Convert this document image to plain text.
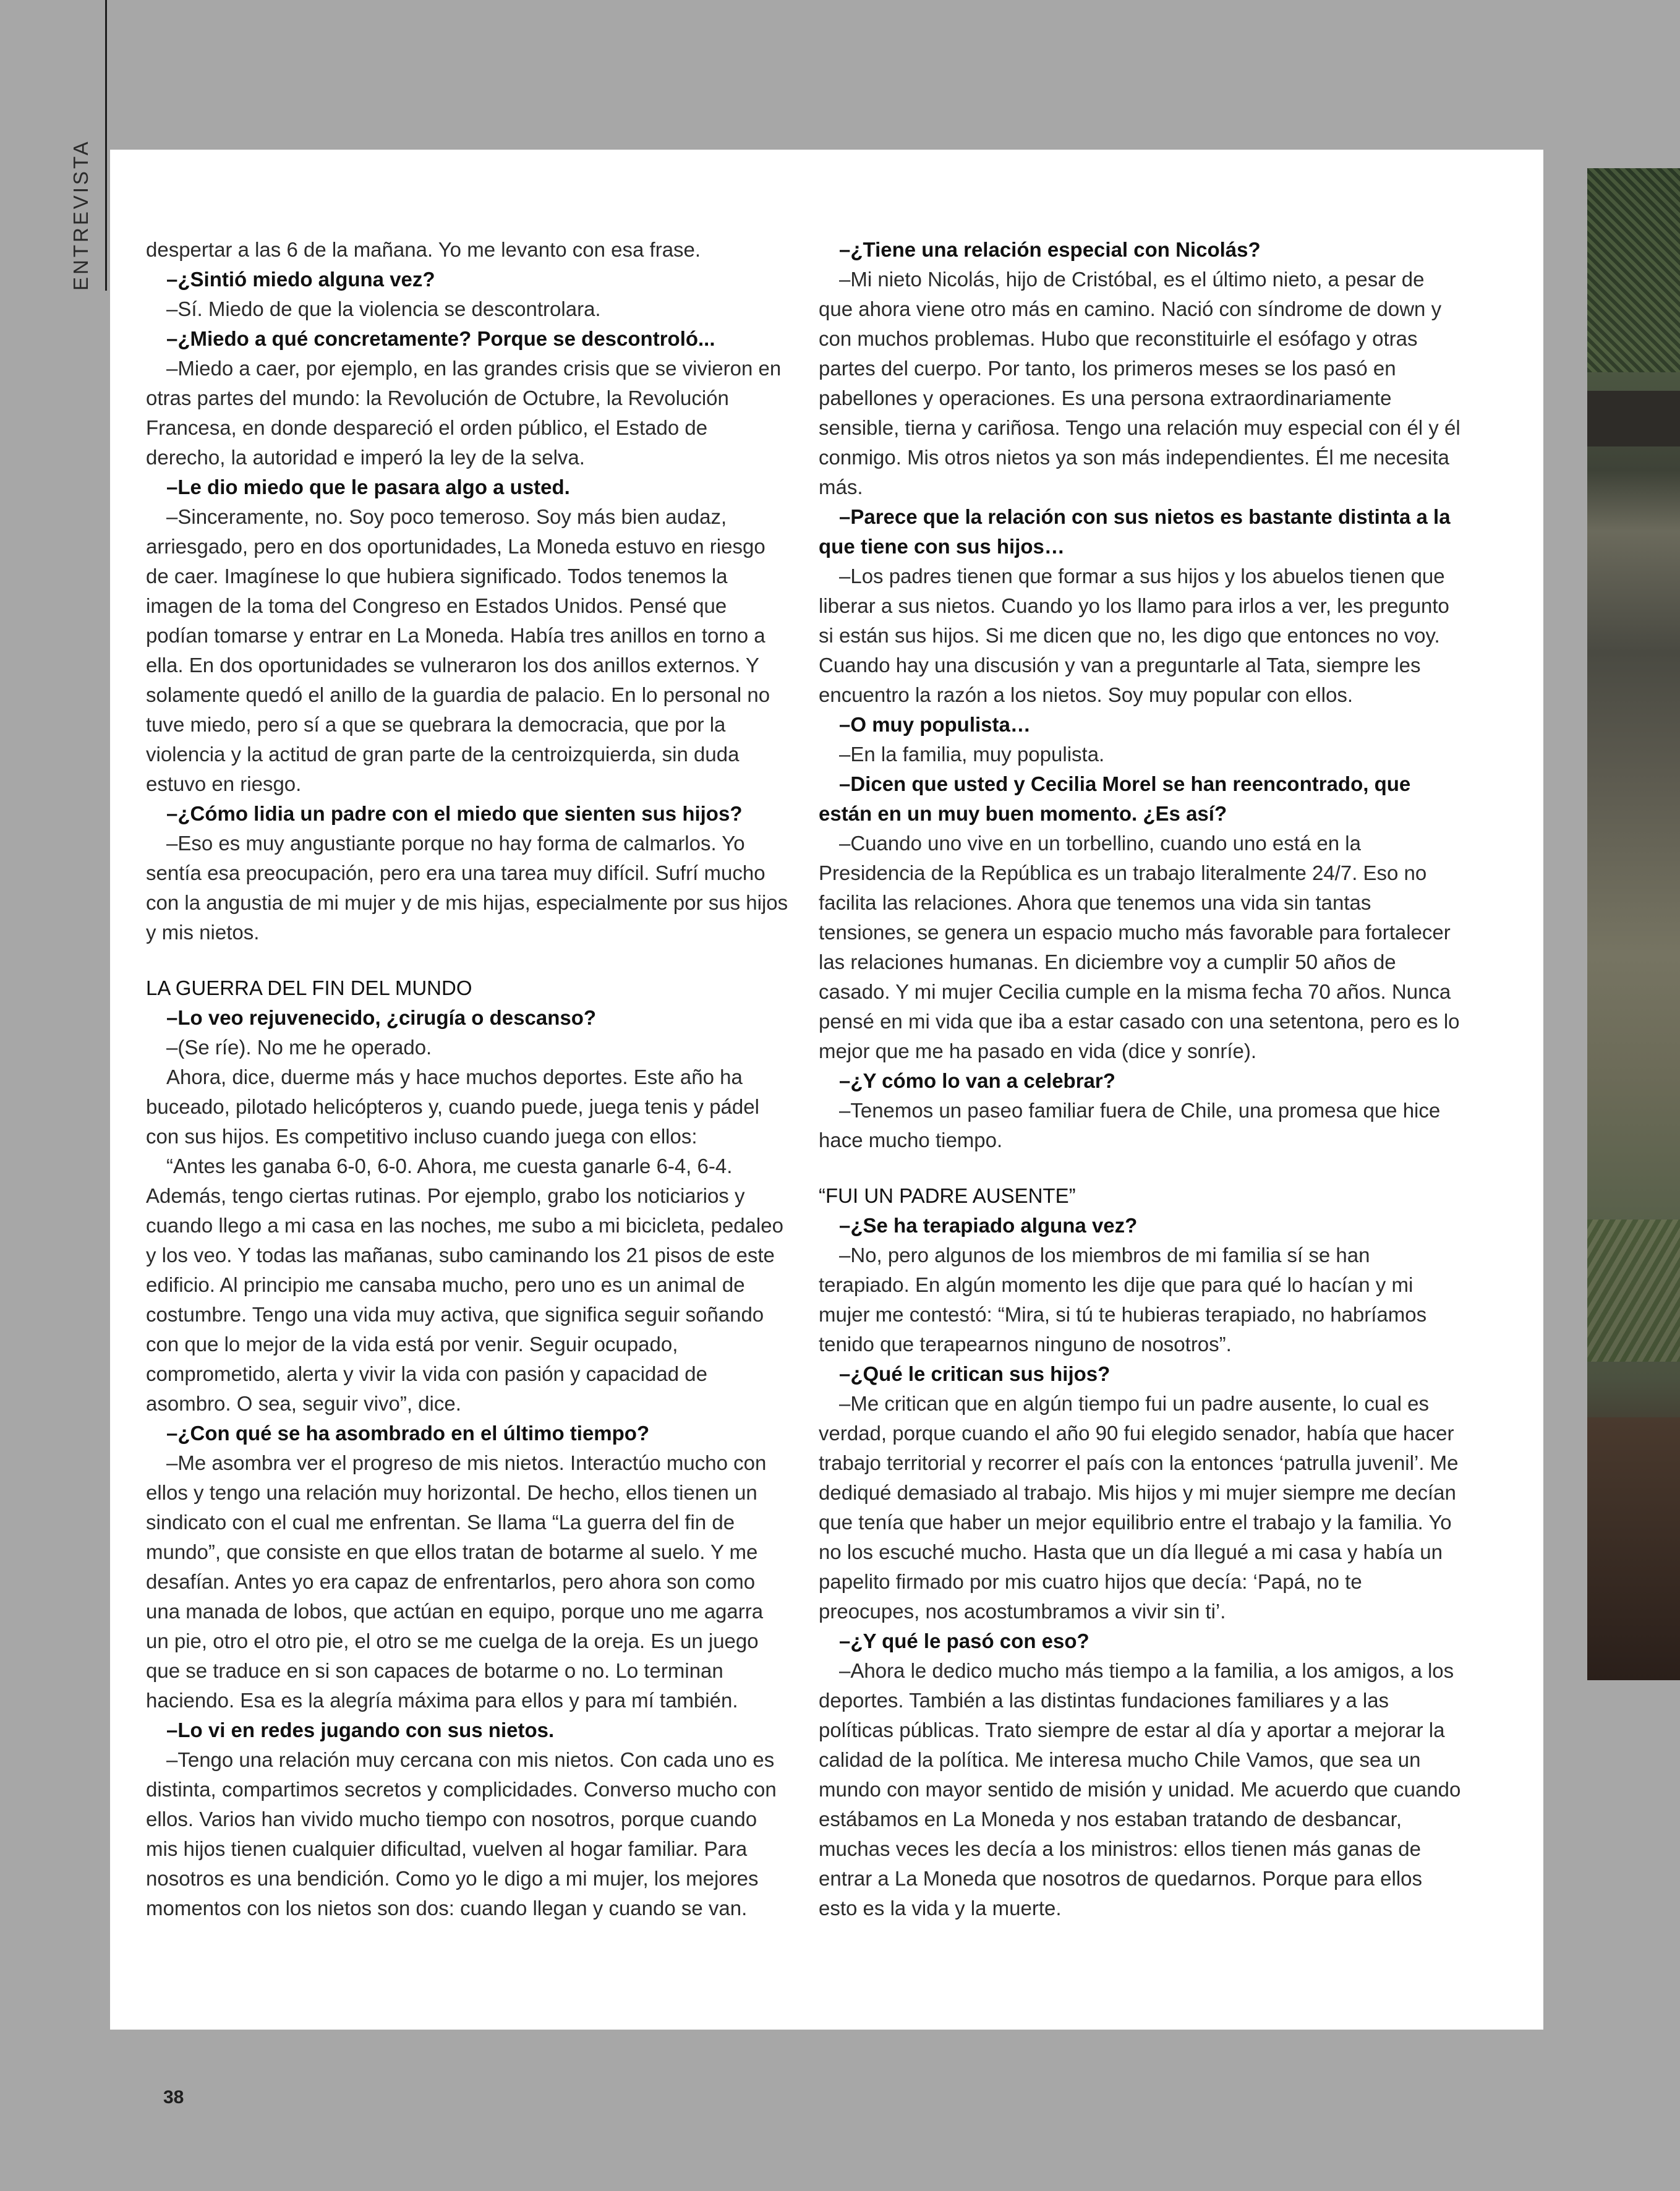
ENTREVISTA	despertar a las 6 de la mañana. Yo me levanto con esa frase.

–¿Sintió miedo alguna vez?

–Sí. Miedo de que la violencia se descontrolara.

–¿Miedo a qué concretamente? Porque se descontroló...

–Miedo a caer, por ejemplo, en las grandes crisis que se vivieron en otras partes del mundo: la Revolución de Octubre, la Revolución Francesa, en donde despareció el orden público, el Estado de derecho, la autoridad e imperó la ley de la selva.

–Le dio miedo que le pasara algo a usted.

–Sinceramente, no. Soy poco temeroso. Soy más bien audaz, arriesgado, pero en dos oportunidades, La Moneda estuvo en riesgo de caer. Imagínese lo que hubiera significado. Todos tenemos la imagen de la toma del Congreso en Estados Unidos. Pensé que podían tomarse y entrar en La Moneda. Había tres anillos en torno a ella. En dos oportunidades se vulneraron los dos anillos externos. Y solamente quedó el anillo de la guardia de palacio. En lo personal no tuve miedo, pero sí a que se quebrara la democracia, que por la violencia y la actitud de gran parte de la centroizquierda, sin duda estuvo en riesgo.

–¿Cómo lidia un padre con el miedo que sienten sus hijos?

–Eso es muy angustiante porque no hay forma de calmarlos. Yo sentía esa preocupación, pero era una tarea muy difícil. Sufrí mucho con la angustia de mi mujer y de mis hijas, especialmente por sus hijos y mis nietos.

LA GUERRA DEL FIN DEL MUNDO

–Lo veo rejuvenecido, ¿cirugía o descanso?

–(Se ríe). No me he operado.

Ahora, dice, duerme más y hace muchos deportes. Este año ha buceado, pilotado helicópteros y, cuando puede, juega tenis y pádel con sus hijos. Es competitivo incluso cuando juega con ellos:

“Antes les ganaba 6-0, 6-0. Ahora, me cuesta ganarle 6-4, 6-4. Además, tengo ciertas rutinas. Por ejemplo, grabo los noticiarios y cuando llego a mi casa en las noches, me subo a mi bicicleta, pedaleo y los veo. Y todas las mañanas, subo caminando los 21 pisos de este edificio. Al principio me cansaba mucho, pero uno es un animal de costumbre. Tengo una vida muy activa, que significa seguir soñando con que lo mejor de la vida está por venir. Seguir ocupado, comprometido, alerta y vivir la vida con pasión y capacidad de asombro. O sea, seguir vivo”, dice.

–¿Con qué se ha asombrado en el último tiempo?

–Me asombra ver el progreso de mis nietos. Interactúo mucho con ellos y tengo una relación muy horizontal. De hecho, ellos tienen un sindicato con el cual me enfrentan. Se llama “La guerra del fin de mundo”, que consiste en que ellos tratan de botarme al suelo. Y me desafían. Antes yo era capaz de enfrentarlos, pero ahora son como una manada de lobos, que actúan en equipo, porque uno me agarra un pie, otro el otro pie, el otro se me cuelga de la oreja. Es un juego que se traduce en si son capaces de botarme o no. Lo terminan haciendo. Esa es la alegría máxima para ellos y para mí también.

–Lo vi en redes jugando con sus nietos.

–Tengo una relación muy cercana con mis nietos. Con cada uno es distinta, compartimos secretos y complicidades. Converso mucho con ellos. Varios han vivido mucho tiempo con nosotros, porque cuando mis hijos tienen cualquier dificultad, vuelven al hogar familiar. Para nosotros es una bendición. Como yo le digo a mi mujer, los mejores momentos con los nietos son dos: cuando llegan y cuando se van.

–¿Tiene una relación especial con Nicolás?

–Mi nieto Nicolás, hijo de Cristóbal, es el último nieto, a pesar de que ahora viene otro más en camino. Nació con síndrome de down y con muchos problemas. Hubo que reconstituirle el esófago y otras partes del cuerpo. Por tanto, los primeros meses se los pasó en pabellones y operaciones. Es una persona extraordinariamente sensible, tierna y cariñosa. Tengo una relación muy especial con él y él conmigo. Mis otros nietos ya son más independientes. Él me necesita más.

–Parece que la relación con sus nietos es bastante distinta a la que tiene con sus hijos…

–Los padres tienen que formar a sus hijos y los abuelos tienen que liberar a sus nietos. Cuando yo los llamo para irlos a ver, les pregunto si están sus hijos. Si me dicen que no, les digo que entonces no voy. Cuando hay una discusión y van a preguntarle al Tata, siempre les encuentro la razón a los nietos. Soy muy popular con ellos.

–O muy populista…

–En la familia, muy populista.

–Dicen que usted y Cecilia Morel se han reencontrado, que están en un muy buen momento. ¿Es así?

–Cuando uno vive en un torbellino, cuando uno está en la Presidencia de la República es un trabajo literalmente 24/7. Eso no facilita las relaciones. Ahora que tenemos una vida sin tantas tensiones, se genera un espacio mucho más favorable para fortalecer las relaciones humanas. En diciembre voy a cumplir 50 años de casado. Y mi mujer Cecilia cumple en la misma fecha 70 años. Nunca pensé en mi vida que iba a estar casado con una setentona, pero es lo mejor que me ha pasado en vida (dice y sonríe).

–¿Y cómo lo van a celebrar?

–Tenemos un paseo familiar fuera de Chile, una promesa que hice hace mucho tiempo.

“FUI UN PADRE AUSENTE”

–¿Se ha terapiado alguna vez?

–No, pero algunos de los miembros de mi familia sí se han terapiado. En algún momento les dije que para qué lo hacían y mi mujer me contestó: “Mira, si tú te hubieras terapiado, no habríamos tenido que terapearnos ninguno de nosotros”.

–¿Qué le critican sus hijos?

–Me critican que en algún tiempo fui un padre ausente, lo cual es verdad, porque cuando el año 90 fui elegido senador, había que hacer trabajo territorial y recorrer el país con la entonces ‘patrulla juvenil’. Me dediqué demasiado al trabajo. Mis hijos y mi mujer siempre me decían que tenía que haber un mejor equilibrio entre el trabajo y la familia. Yo no los escuché mucho. Hasta que un día llegué a mi casa y había un papelito firmado por mis cuatro hijos que decía: ‘Papá, no te preocupes, nos acostumbramos a vivir sin ti’.

–¿Y qué le pasó con eso?

–Ahora le dedico mucho más tiempo a la familia, a los amigos, a los deportes. También a las distintas fundaciones familiares y a las políticas públicas. Trato siempre de estar al día y aportar a mejorar la calidad de la política. Me interesa mucho Chile Vamos, que sea un mundo con mayor sentido de misión y unidad. Me acuerdo que cuando estábamos en La Moneda y nos estaban tratando de desbancar, muchas veces les decía a los ministros: ellos tienen más ganas de entrar a La Moneda que nosotros de quedarnos. Porque para ellos esto es la vida y la muerte.

38
